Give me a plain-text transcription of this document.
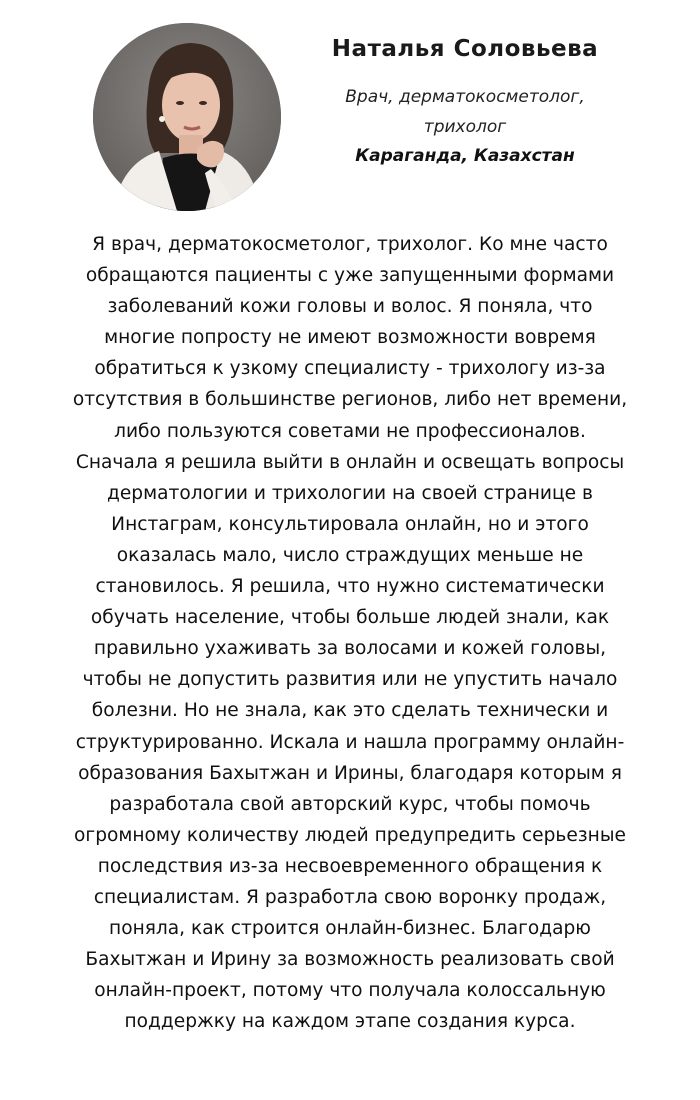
Наталья Соловьева

Врач, дерматокосметолог,
трихолог

Караганда, Казахстан

Я врач, дерматокосметолог, трихолог. Ко мне часто
обращаются пациенты с уже запущенными формами
заболеваний кожи головы и волос. Я поняла, что
многие попросту не имеют возможности вовремя
обратиться к узкому специалисту - трихологу из-за
отсутствия в большинстве регионов, либо нет времени,
либо пользуются советами не профессионалов.
Сначала я решила выйти в онлайн и освещать вопросы
дерматологии и трихологии на своей странице в
Инстаграм, консультировала онлайн, но и этого
оказалась мало, число страждущих меньше не
становилось. Я решила, что нужно систематически
обучать население, чтобы больше людей знали, как
правильно ухаживать за волосами и кожей головы,
чтобы не допустить развития или не упустить начало
болезни. Но не знала, как это сделать технически и
структурированно. Искала и нашла программу онлайн-
образования Бахытжан и Ирины, благодаря которым я
разработала свой авторский курс, чтобы помочь
огромному количеству людей предупредить серьезные
последствия из-за несвоевременного обращения к
специалистам. Я разработла свою воронку продаж,
поняла, как строится онлайн-бизнес. Благодарю
Бахытжан и Ирину за возможность реализовать свой
онлайн-проект, потому что получала колоссальную
поддержку на каждом этапе создания курса.
